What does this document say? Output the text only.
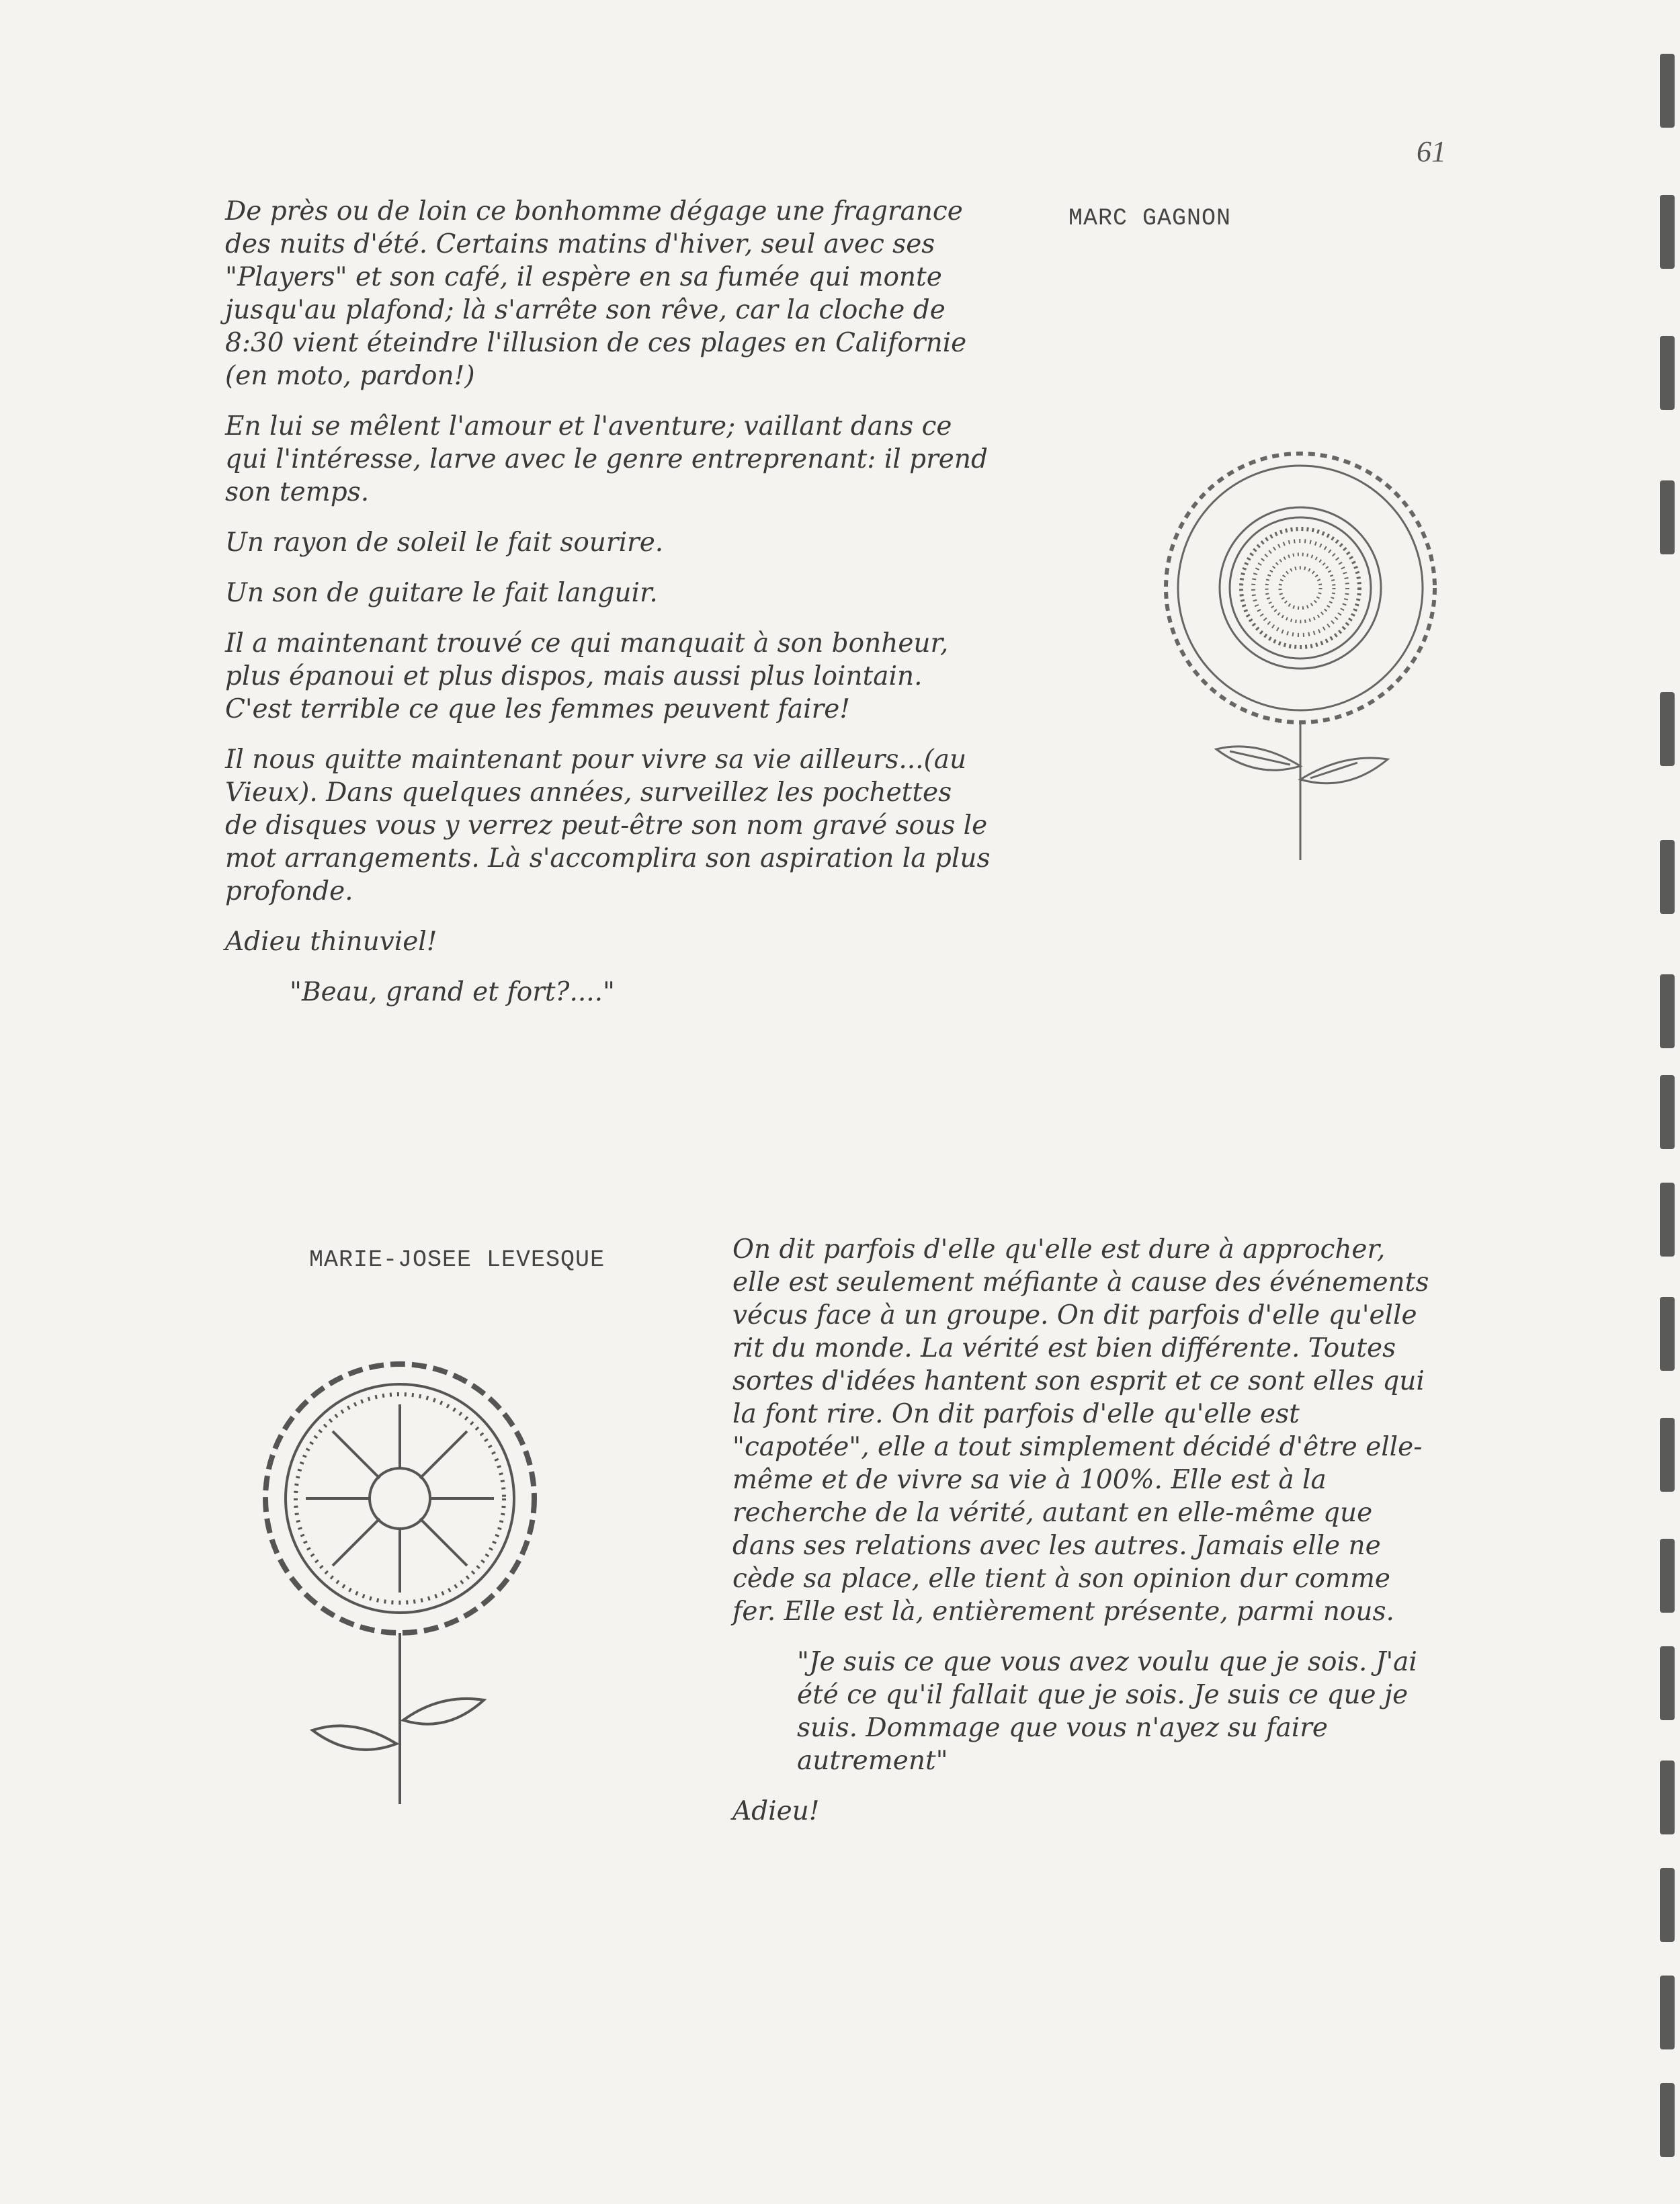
61
MARC GAGNON

De près ou de loin ce bonhomme dégage une fragrance des nuits d'été. Certains matins d'hiver, seul avec ses "Players" et son café, il espère en sa fumée qui monte jusqu'au plafond; là s'arrête son rêve, car la cloche de 8:30 vient éteindre l'illusion de ces plages en Californie (en moto, pardon!)

En lui se mêlent l'amour et l'aventure; vaillant dans ce qui l'intéresse, larve avec le genre entreprenant: il prend son temps.

Un rayon de soleil le fait sourire.

Un son de guitare le fait languir.

Il a maintenant trouvé ce qui manquait à son bonheur, plus épanoui et plus dispos, mais aussi plus lointain. C'est terrible ce que les femmes peuvent faire!

Il nous quitte maintenant pour vivre sa vie ailleurs...(au Vieux). Dans quelques années, surveillez les pochettes de disques vous y verrez peut-être son nom gravé sous le mot arrangements. Là s'accomplira son aspiration la plus profonde.

Adieu thinuviel!

"Beau, grand et fort?...."

MARIE-JOSEE LEVESQUE	On dit parfois d'elle qu'elle est dure à approcher, elle est seulement méfiante à cause des événements vécus face à un groupe. On dit parfois d'elle qu'elle rit du monde. La vérité est bien différente. Toutes sortes d'idées hantent son esprit et ce sont elles qui la font rire. On dit parfois d'elle qu'elle est "capotée", elle a tout simplement décidé d'être elle-même et de vivre sa vie à 100%. Elle est à la recherche de la vérité, autant en elle-même que dans ses relations avec les autres. Jamais elle ne cède sa place, elle tient à son opinion dur comme fer. Elle est là, entièrement présente, parmi nous.

"Je suis ce que vous avez voulu que je sois. J'ai été ce qu'il fallait que je sois. Je suis ce que je suis. Dommage que vous n'ayez su faire autrement"

Adieu!
